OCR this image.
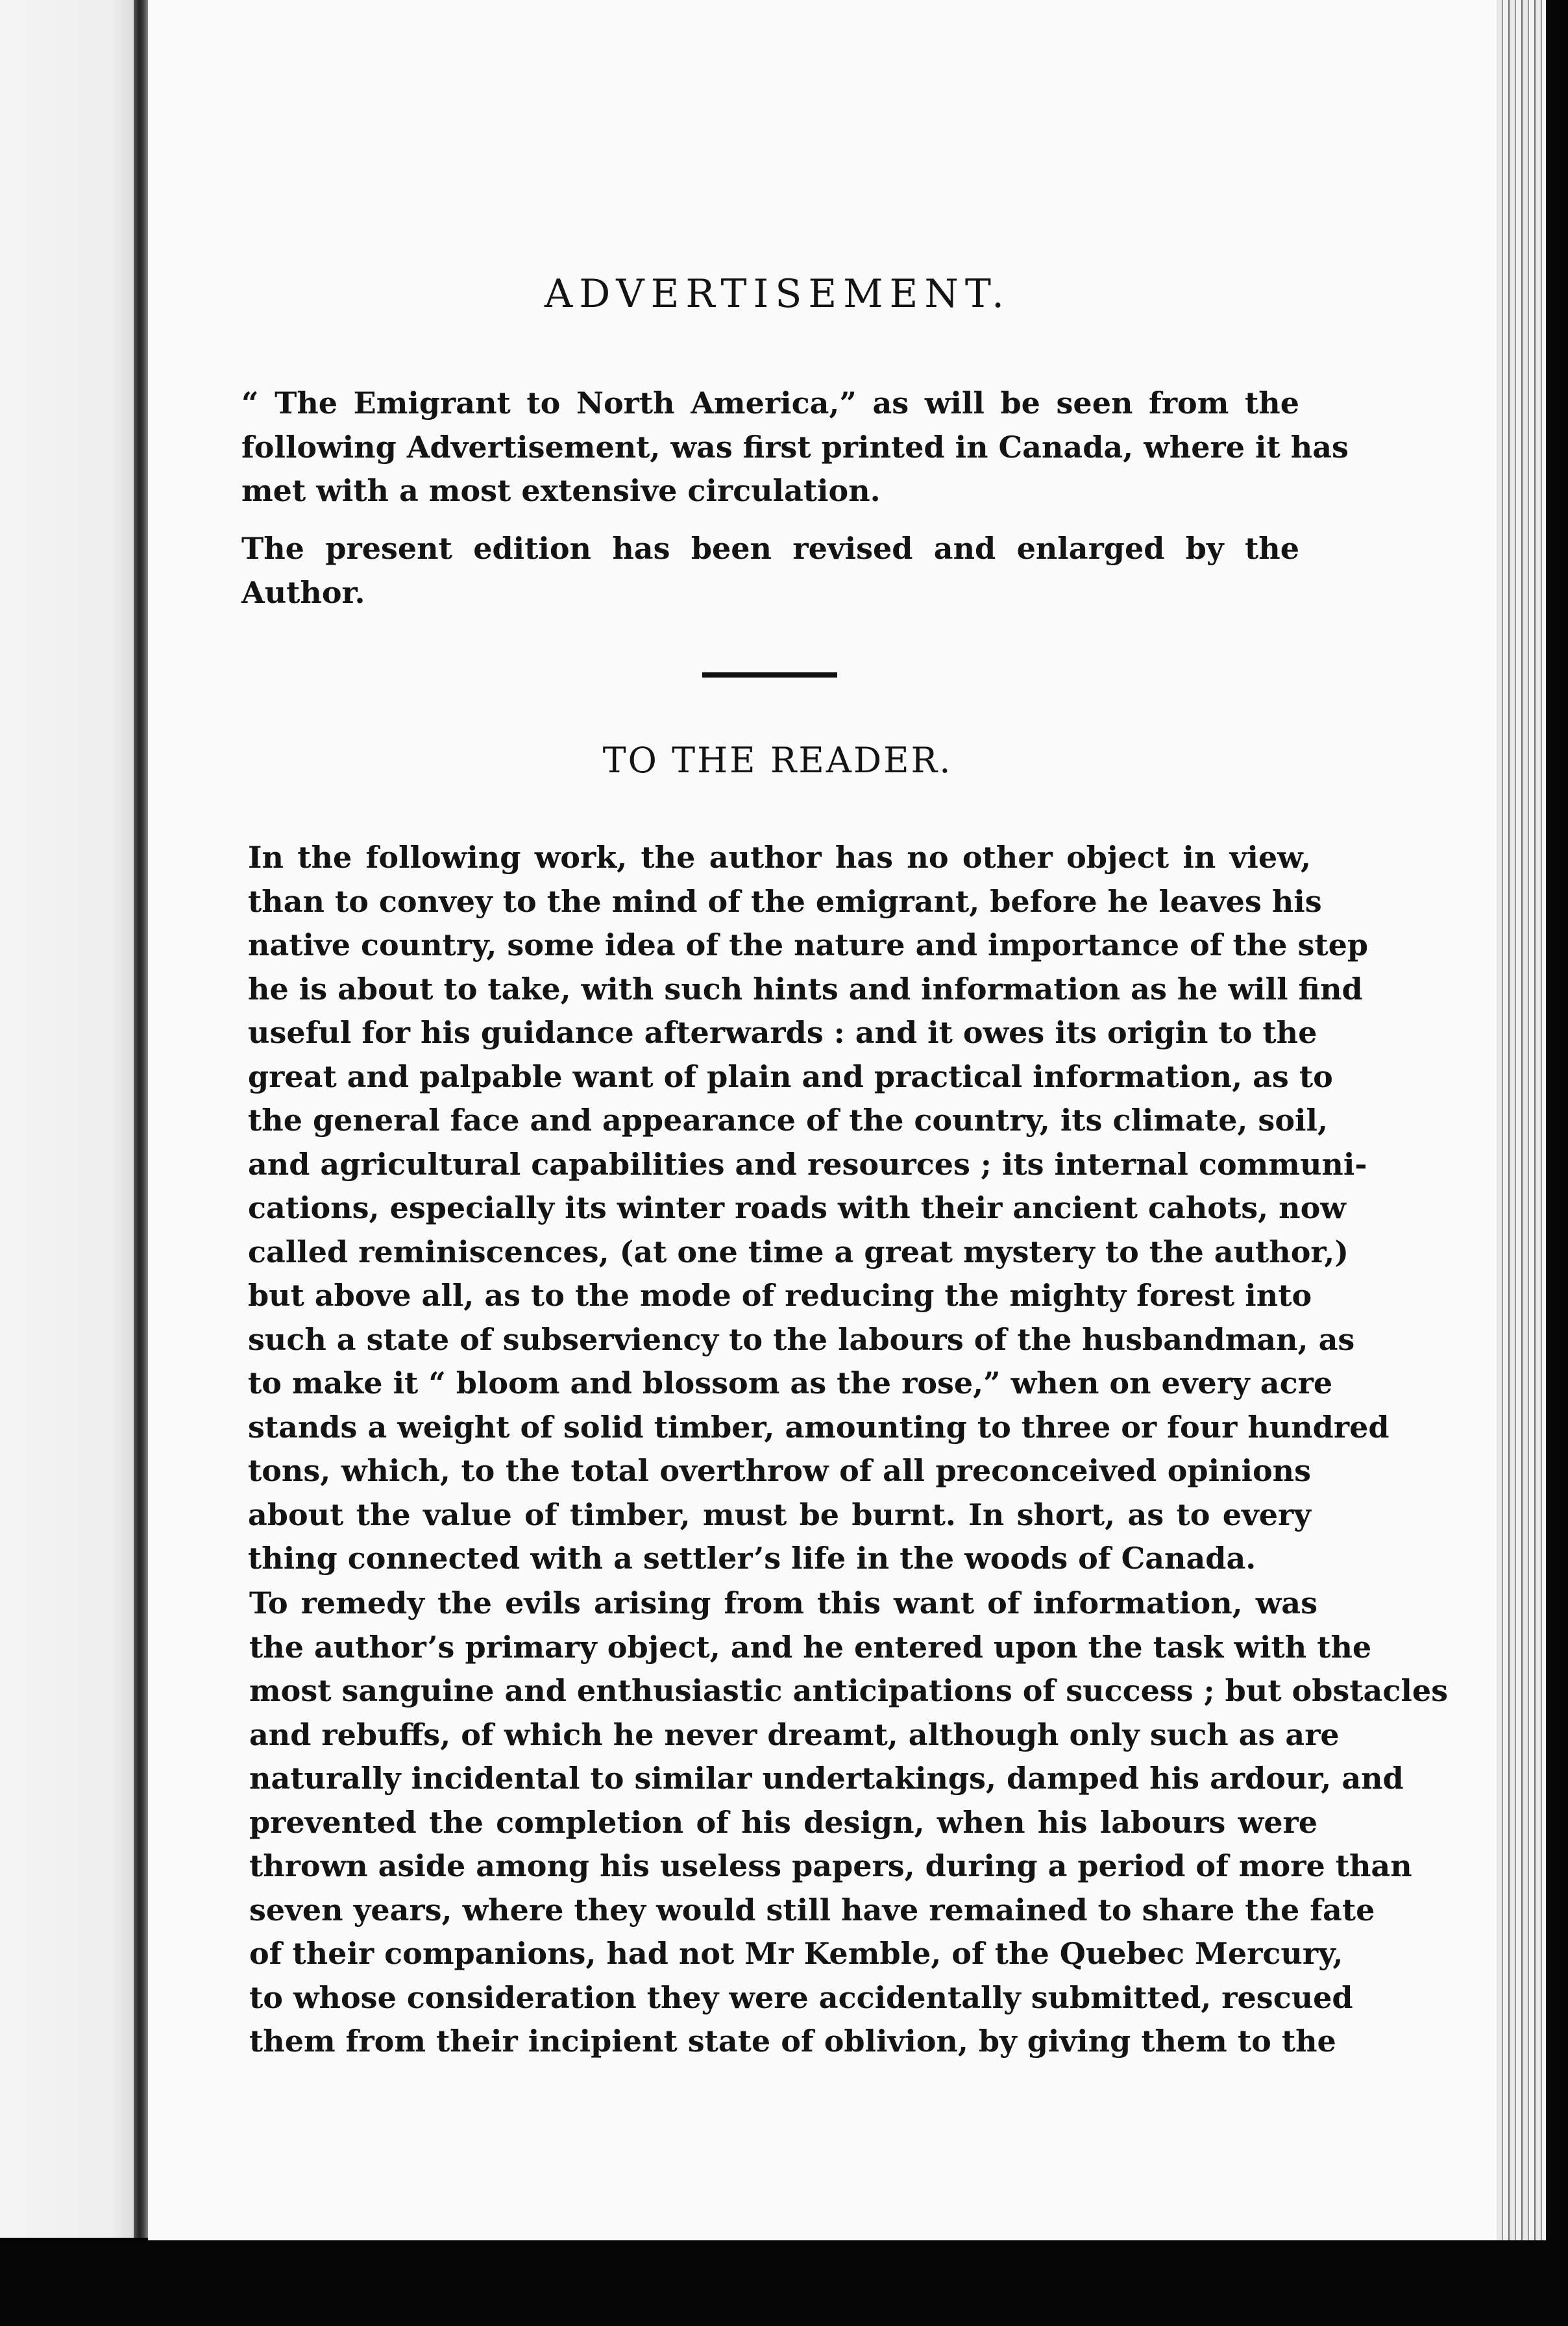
ADVERTISEMENT.

“ The Emigrant to North America,” as will be seen from the
following Advertisement, was first printed in Canada, where it has
met with a most extensive circulation.

The present edition has been revised and enlarged by the
Author.

TO THE READER.

In the following work, the author has no other object in view,
than to convey to the mind of the emigrant, before he leaves his
native country, some idea of the nature and importance of the step
he is about to take, with such hints and information as he will find
useful for his guidance afterwards : and it owes its origin to the
great and palpable want of plain and practical information, as to
the general face and appearance of the country, its climate, soil,
and agricultural capabilities and resources ; its internal communi-
cations, especially its winter roads with their ancient cahots, now
called reminiscences, (at one time a great mystery to the author,)
but above all, as to the mode of reducing the mighty forest into
such a state of subserviency to the labours of the husbandman, as
to make it “ bloom and blossom as the rose,” when on every acre
stands a weight of solid timber, amounting to three or four hundred
tons, which, to the total overthrow of all preconceived opinions
about the value of timber, must be burnt. In short, as to every
thing connected with a settler’s life in the woods of Canada.

To remedy the evils arising from this want of information, was
the author’s primary object, and he entered upon the task with the
most sanguine and enthusiastic anticipations of success ; but obstacles
and rebuffs, of which he never dreamt, although only such as are
naturally incidental to similar undertakings, damped his ardour, and
prevented the completion of his design, when his labours were
thrown aside among his useless papers, during a period of more than
seven years, where they would still have remained to share the fate
of their companions, had not Mr Kemble, of the Quebec Mercury,
to whose consideration they were accidentally submitted, rescued
them from their incipient state of oblivion, by giving them to the
